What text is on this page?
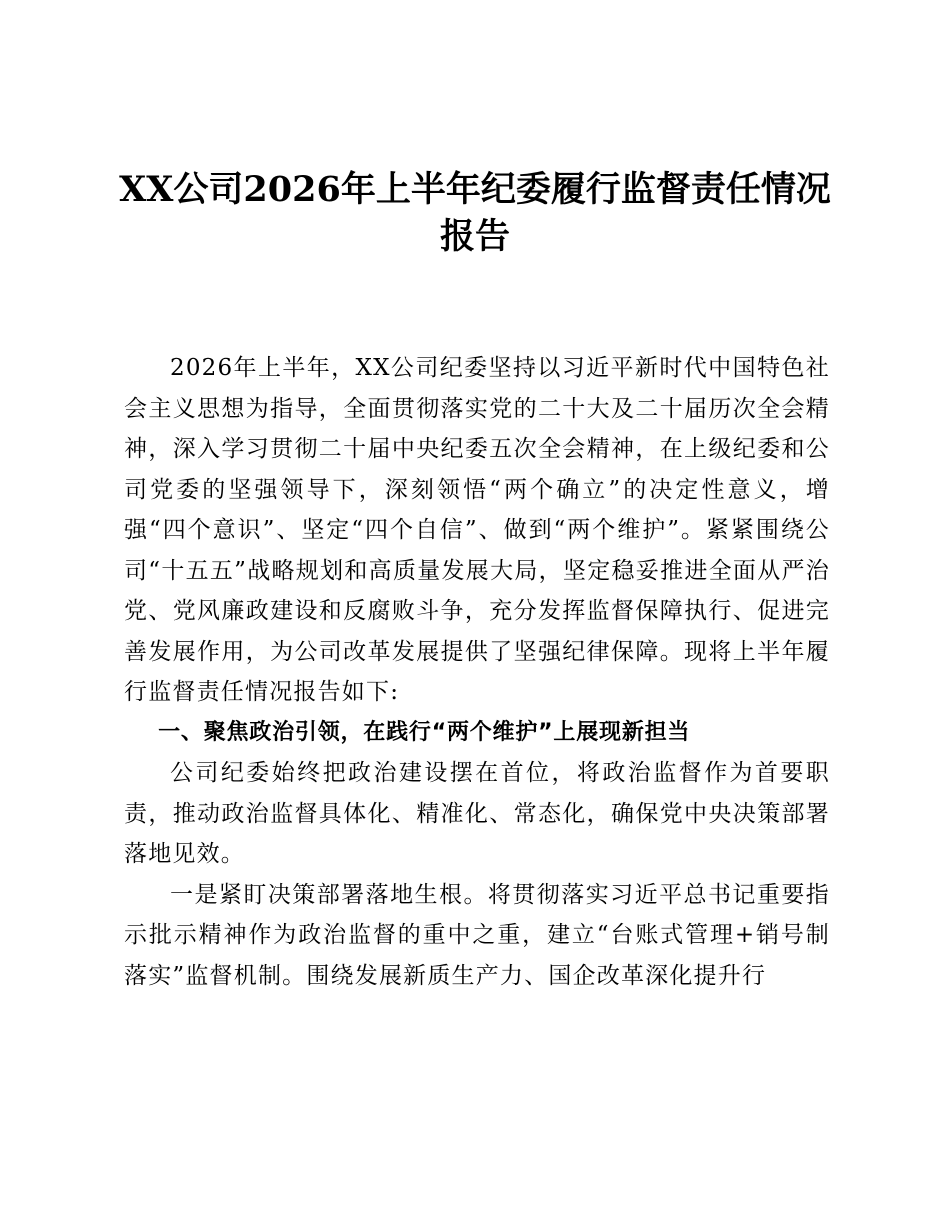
XX公司2026年上半年纪委履行监督责任情况
报告

2026年上半年，XX公司纪委坚持以习近平新时代中国特色社会主义思想为指导，全面贯彻落实党的二十大及二十届历次全会精神，深入学习贯彻二十届中央纪委五次全会精神，在上级纪委和公司党委的坚强领导下，深刻领悟“两个确立”的决定性意义，增强“四个意识”、坚定“四个自信”、做到“两个维护”。紧紧围绕公司“十五五”战略规划和高质量发展大局，坚定稳妥推进全面从严治党、党风廉政建设和反腐败斗争，充分发挥监督保障执行、促进完善发展作用，为公司改革发展提供了坚强纪律保障。现将上半年履行监督责任情况报告如下:

一、聚焦政治引领，在践行“两个维护”上展现新担当

公司纪委始终把政治建设摆在首位，将政治监督作为首要职责，推动政治监督具体化、精准化、常态化，确保党中央决策部署落地见效。

一是紧盯决策部署落地生根。将贯彻落实习近平总书记重要指示批示精神作为政治监督的重中之重，建立“台账式管理+销号制落实”监督机制。围绕发展新质生产力、国企改革深化提升行
